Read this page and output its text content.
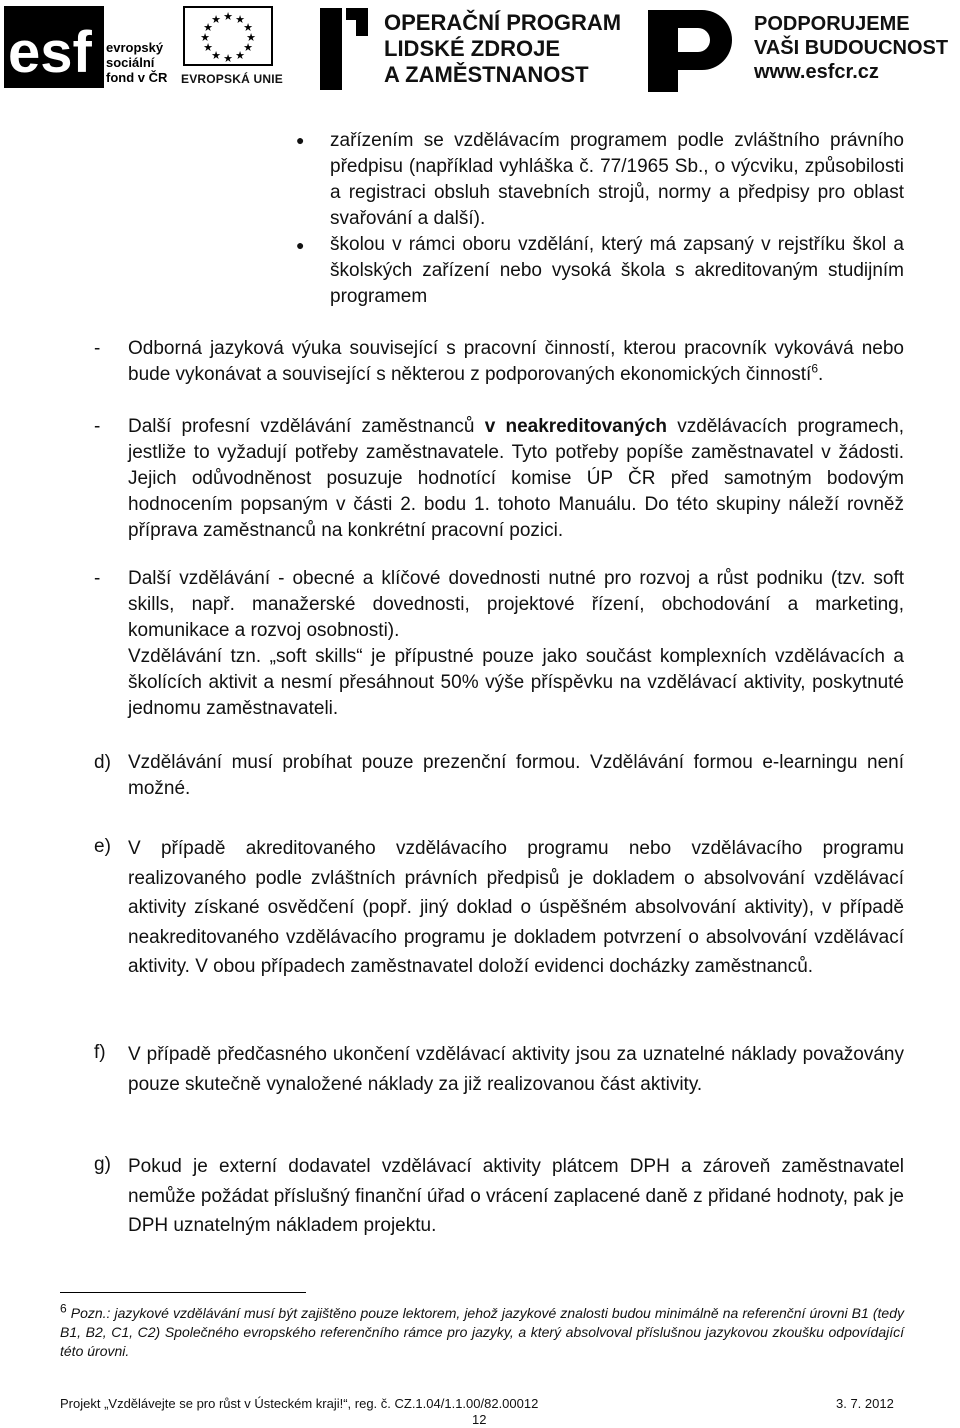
esf evropský
sociální
fond v ČR
★ ★
★
★
★
★
★
★
★
★
★
★
EVROPSKÁ UNIE
OPERAČNÍ PROGRAM
LIDSKÉ ZDROJE
A ZAMĚSTNANOST
PODPORUJEME
VAŠI BUDOUCNOST
www.esfcr.cz
● zařízením se vzdělávacím programem podle zvláštního právního předpisu (například vyhláška č. 77/1965 Sb., o výcviku, způsobilosti a registraci obsluh stavebních strojů, normy a předpisy pro oblast svařování a další).
● školou v rámci oboru vzdělání, který má zapsaný v rejstříku škol a školských zařízení nebo vysoká škola s akreditovaným studijním programem
- Odborná jazyková výuka související s pracovní činností, kterou pracovník vykovává nebo bude vykonávat a související s některou z podporovaných ekonomických činností$^6$.
- Další profesní vzdělávání zaměstnanců v neakreditovaných vzdělávacích programech, jestliže to vyžadují potřeby zaměstnavatele. Tyto potřeby popíše zaměstnavatel v žádosti. Jejich odůvodněnost posuzuje hodnotící komise ÚP ČR před samotným bodovým hodnocením popsaným v části 2. bodu 1. tohoto Manuálu. Do této skupiny náleží rovněž příprava zaměstnanců na konkrétní pracovní pozici.
- Další vzdělávání - obecné a klíčové dovednosti nutné pro rozvoj a růst podniku (tzv. soft skills, např. manažerské dovednosti, projektové řízení, obchodování a marketing, komunikace a rozvoj osobnosti).

Vzdělávání tzn. „soft skills“ je přípustné pouze jako součást komplexních vzdělávacích a školících aktivit a nesmí přesáhnout 50% výše příspěvku na vzdělávací aktivity, poskytnuté jednomu zaměstnavateli.

d) Vzdělávání musí probíhat pouze prezenční formou. Vzdělávání formou e-learningu není možné.
e) V případě akreditovaného vzdělávacího programu nebo vzdělávacího programu realizovaného podle zvláštních právních předpisů je dokladem o absolvování vzdělávací aktivity získané osvědčení (popř. jiný doklad o úspěšném absolvování aktivity), v případě neakreditovaného vzdělávacího programu je dokladem potvrzení o absolvování vzdělávací aktivity. V obou případech zaměstnavatel doloží evidenci docházky zaměstnanců.
f) V případě předčasného ukončení vzdělávací aktivity jsou za uznatelné náklady považovány pouze skutečně vynaložené náklady za již realizovanou část aktivity.
g) Pokud je externí dodavatel vzdělávací aktivity plátcem DPH a zároveň zaměstnavatel nemůže požádat příslušný finanční úřad o vrácení zaplacené daně z přidané hodnoty, pak je DPH uznatelným nákladem projektu.
$^6$ Pozn.: jazykové vzdělávání musí být zajištěno pouze lektorem, jehož jazykové znalosti budou minimálně na referenční úrovni B1 (tedy B1, B2, C1, C2) Společného evropského referenčního rámce pro jazyky, a který absolvoval příslušnou jazykovou zkoušku odpovídající této úrovni.
Projekt „Vzdělávejte se pro růst v Ústeckém kraji!“, reg. č. CZ.1.04/1.1.00/82.00012	3. 7. 2012
12
